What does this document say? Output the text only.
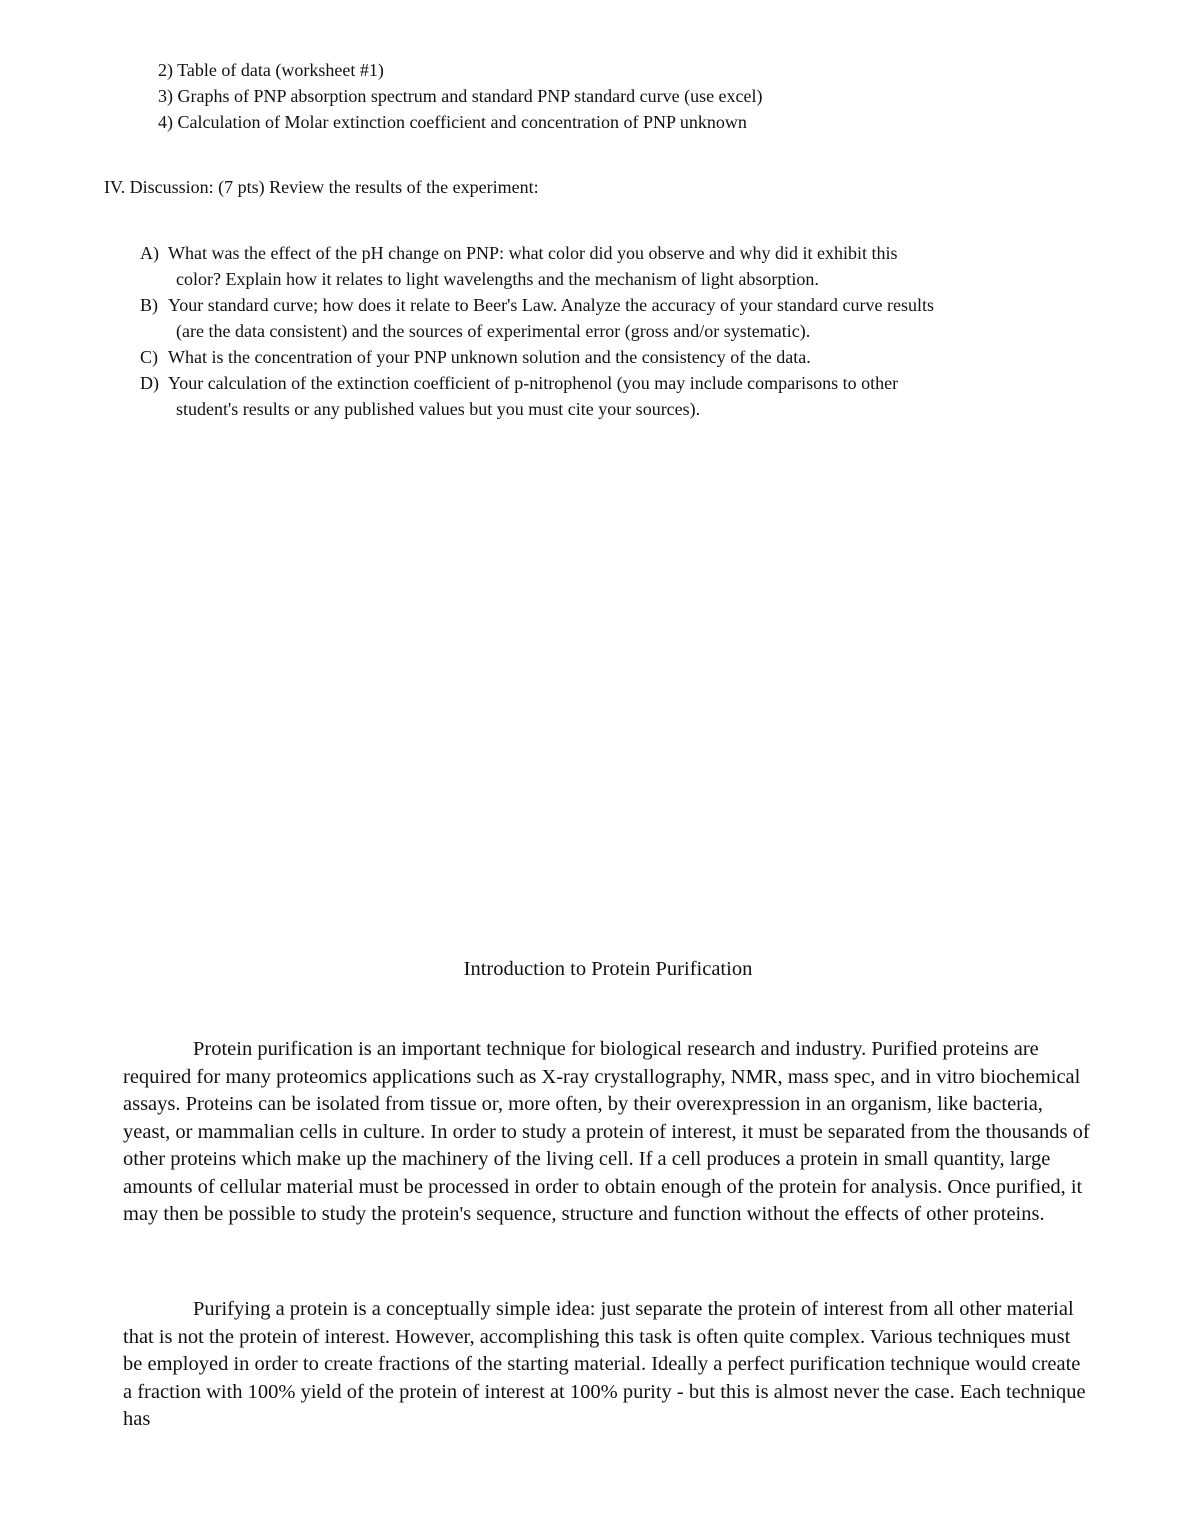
2) Table of data (worksheet #1)
3) Graphs of PNP absorption spectrum and standard PNP standard curve (use excel)
4) Calculation of Molar extinction coefficient and concentration of PNP unknown
IV. Discussion: (7 pts) Review the results of the experiment:
A) What was the effect of the pH change on PNP: what color did you observe and why did it exhibit this
color? Explain how it relates to light wavelengths and the mechanism of light absorption.
B) Your standard curve; how does it relate to Beer's Law. Analyze the accuracy of your standard curve results
(are the data consistent) and the sources of experimental error (gross and/or systematic).
C) What is the concentration of your PNP unknown solution and the consistency of the data.
D) Your calculation of the extinction coefficient of p-nitrophenol (you may include comparisons to other
student's results or any published values but you must cite your sources).
Introduction to Protein Purification

Protein purification is an important technique for biological research and industry. Purified proteins are required for many proteomics applications such as X-ray crystallography, NMR, mass spec, and in vitro biochemical assays. Proteins can be isolated from tissue or, more often, by their overexpression in an organism, like bacteria, yeast, or mammalian cells in culture. In order to study a protein of interest, it must be separated from the thousands of other proteins which make up the machinery of the living cell. If a cell produces a protein in small quantity, large amounts of cellular material must be processed in order to obtain enough of the protein for analysis. Once purified, it may then be possible to study the protein's sequence, structure and function without the effects of other proteins.

Purifying a protein is a conceptually simple idea: just separate the protein of interest from all other material that is not the protein of interest. However, accomplishing this task is often quite complex. Various techniques must be employed in order to create fractions of the starting material. Ideally a perfect purification technique would create a fraction with 100% yield of the protein of interest at 100% purity - but this is almost never the case. Each technique has
